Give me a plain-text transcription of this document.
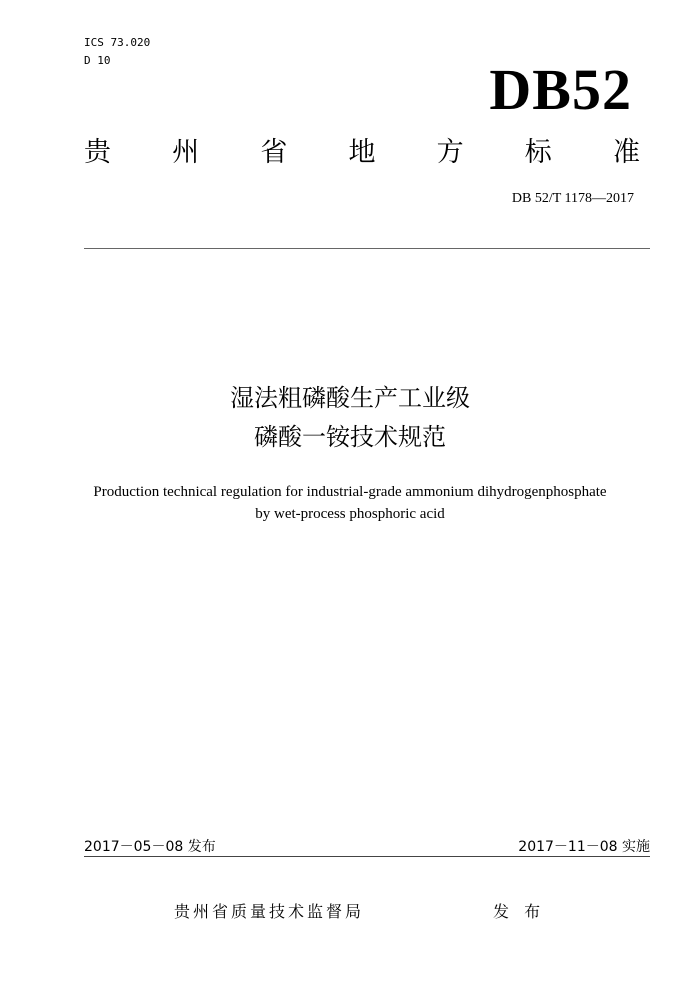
ICS 73.020
D 10	DB52
贵 州 省 地 方 标 准
DB 52/T 1178—2017
湿法粗磷酸生产工业级
磷酸一铵技术规范
Production technical regulation for industrial-grade ammonium dihydrogenphosphate
by wet-process phosphoric acid
2017－05－08 发布	2017－11－08 实施
贵州省质量技术监督局	发 布
